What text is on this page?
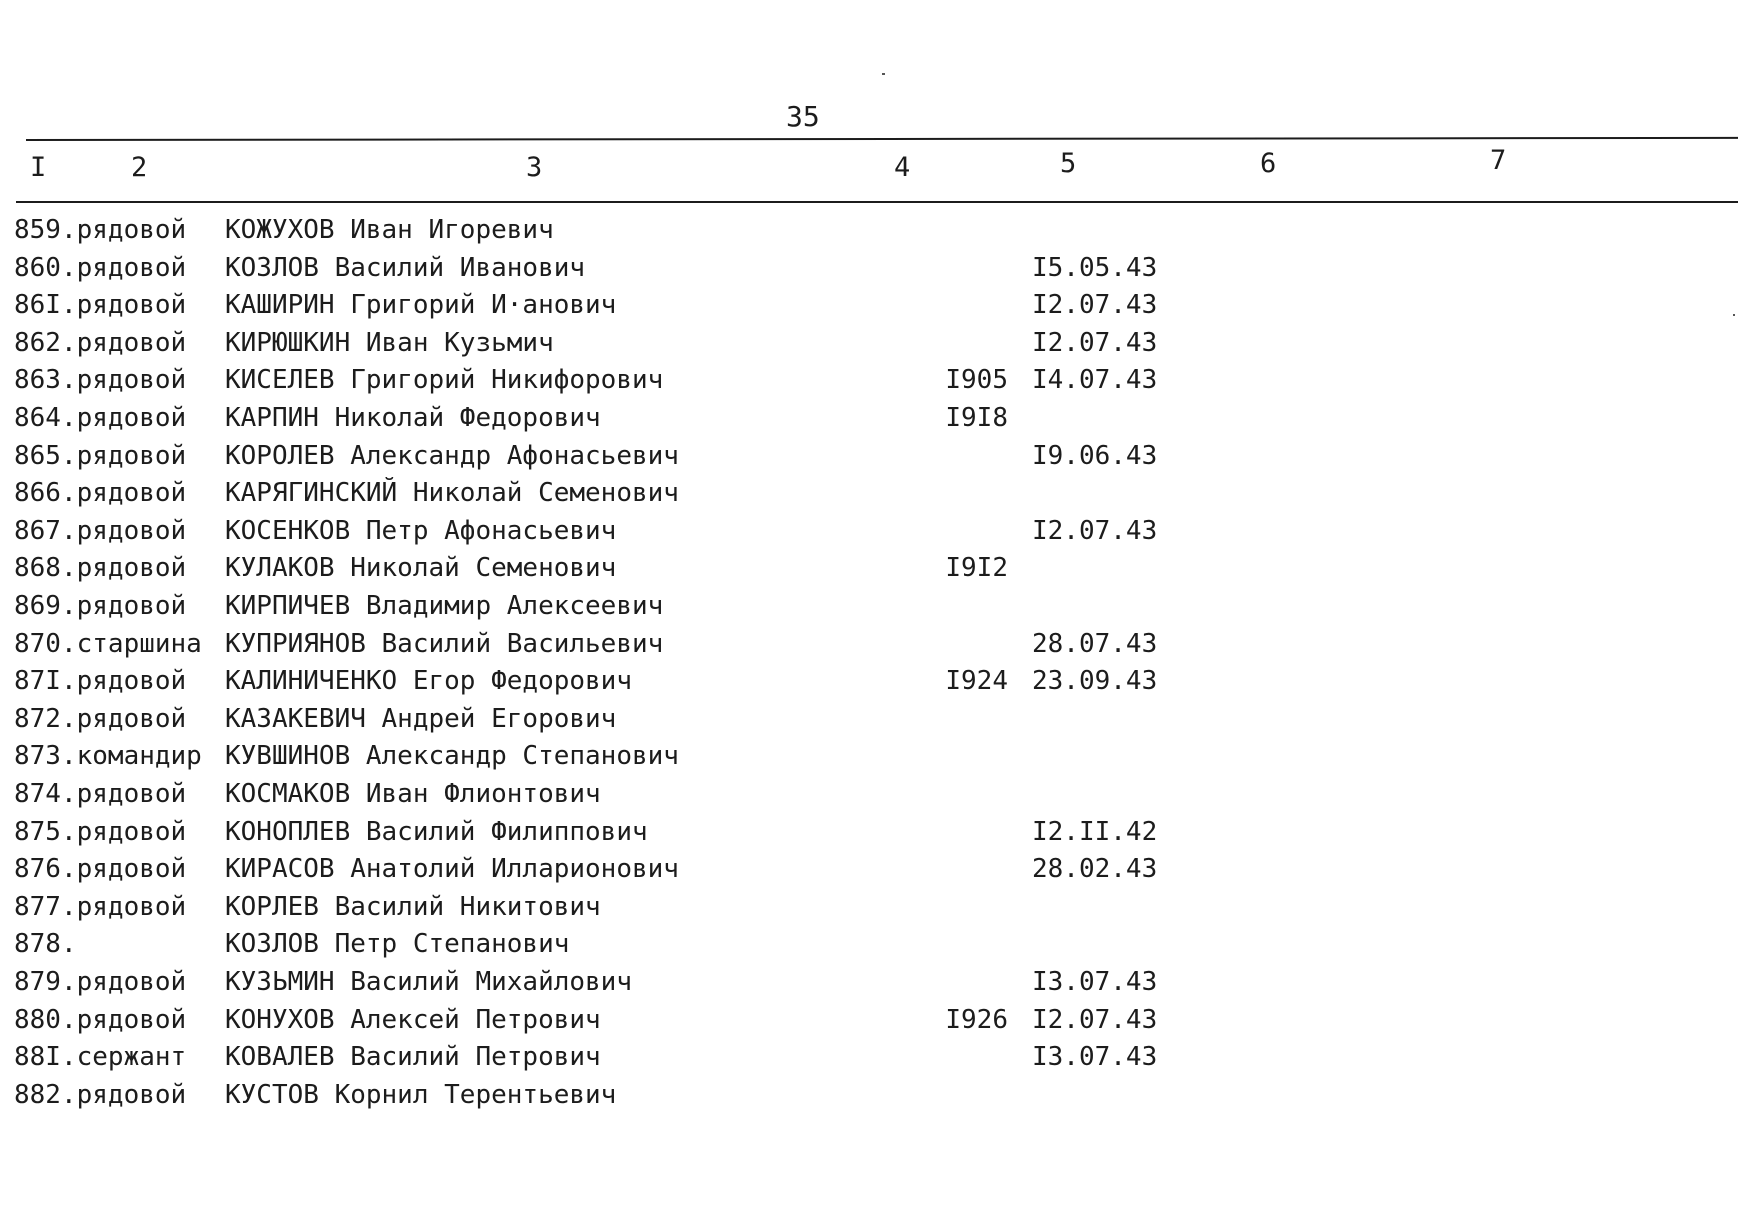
35
I	2	3	4	5	6	7
859.рядовой КОЖУХОВ Иван Игоревич
860.рядовой КОЗЛОВ Василий Иванович	I5.05.43
86I.рядовой КАШИРИН Григорий И·анович	I2.07.43
862.рядовой КИРЮШКИН Иван Кузьмич	I2.07.43
863.рядовой КИСЕЛЕВ Григорий Никифорович	I905 I4.07.43
864.рядовой КАРПИН Николай Федорович	I9I8
865.рядовой КОРОЛЕВ Александр Афонасьевич	I9.06.43
866.рядовой КАРЯГИНСКИЙ Николай Семенович
867.рядовой КОСЕНКОВ Петр Афонасьевич	I2.07.43
868.рядовой КУЛАКОВ Николай Семенович	I9I2
869.рядовой КИРПИЧЕВ Владимир Алексеевич
870.старшина КУПРИЯНОВ Василий Васильевич	28.07.43
87I.рядовой КАЛИНИЧЕНКО Егор Федорович	I924 23.09.43
872.рядовой КАЗАКЕВИЧ Андрей Егорович
873.командир КУВШИНОВ Александр Степанович
874.рядовой КОСМАКОВ Иван Флионтович
875.рядовой КОНОПЛЕВ Василий Филиппович	I2.II.42
876.рядовой КИРАСОВ Анатолий Илларионович	28.02.43
877.рядовой КОРЛЕВ Василий Никитович
878.	КОЗЛОВ Петр Степанович
879.рядовой КУЗЬМИН Василий Михайлович	I3.07.43
880.рядовой КОНУХОВ Алексей Петрович	I926 I2.07.43
88I.сержант КОВАЛЕВ Василий Петрович	I3.07.43
882.рядовой КУСТОВ Корнил Терентьевич
